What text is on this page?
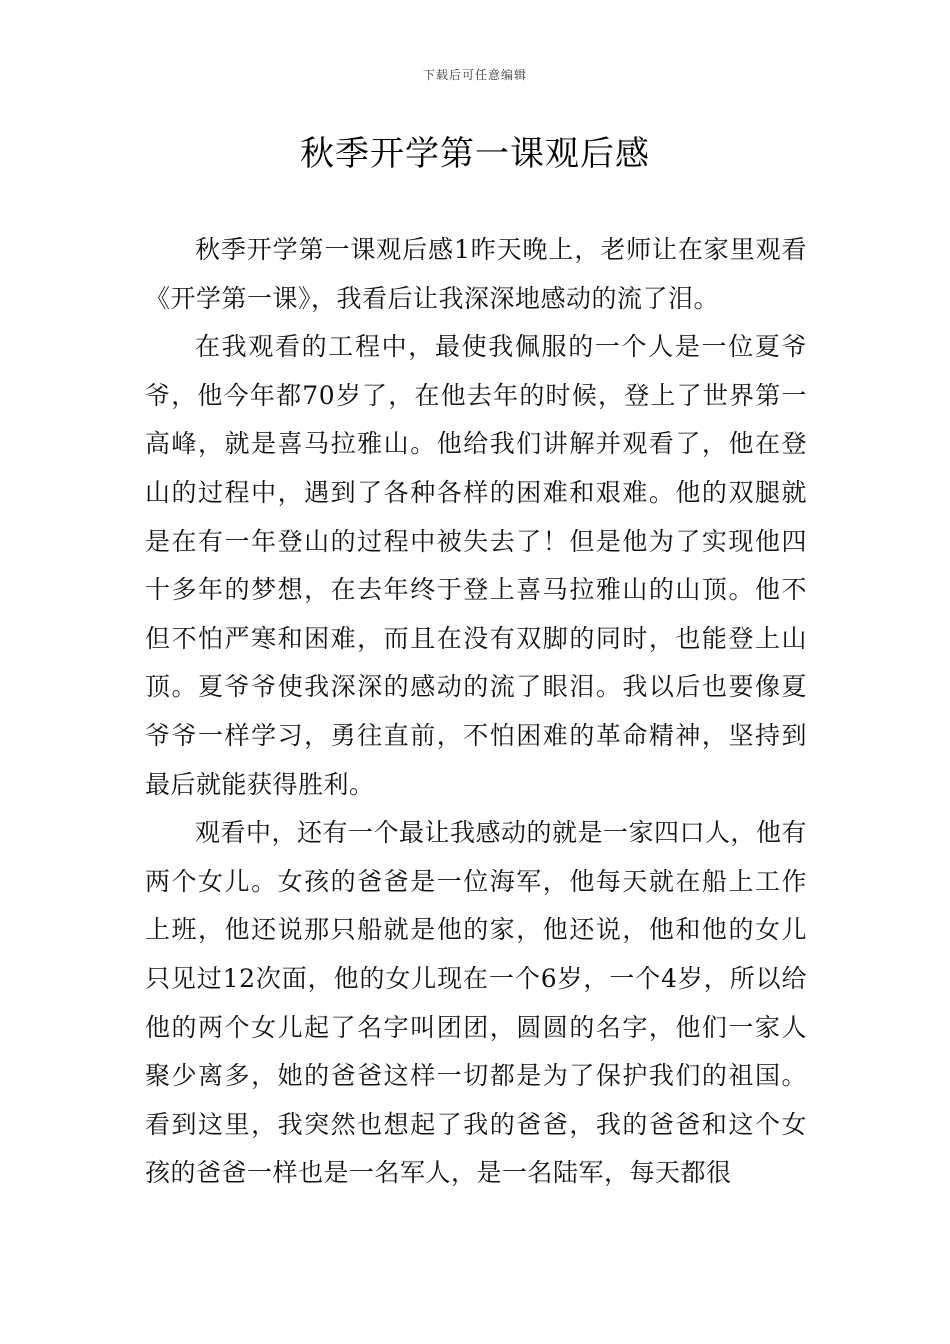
下载后可任意编辑
秋季开学第一课观后感

秋季开学第一课观后感1昨天晚上，老师让在家里观看《开学第一课》，我看后让我深深地感动的流了泪。

在我观看的工程中，最使我佩服的一个人是一位夏爷爷，他今年都70岁了，在他去年的时候，登上了世界第一高峰，就是喜马拉雅山。他给我们讲解并观看了，他在登山的过程中，遇到了各种各样的困难和艰难。他的双腿就是在有一年登山的过程中被失去了！但是他为了实现他四十多年的梦想，在去年终于登上喜马拉雅山的山顶。他不但不怕严寒和困难，而且在没有双脚的同时，也能登上山顶。夏爷爷使我深深的感动的流了眼泪。我以后也要像夏爷爷一样学习，勇往直前，不怕困难的革命精神，坚持到最后就能获得胜利。

观看中，还有一个最让我感动的就是一家四口人，他有两个女儿。女孩的爸爸是一位海军，他每天就在船上工作上班，他还说那只船就是他的家，他还说，他和他的女儿只见过12次面，他的女儿现在一个6岁，一个4岁，所以给他的两个女儿起了名字叫团团，圆圆的名字，他们一家人聚少离多，她的爸爸这样一切都是为了保护我们的祖国。看到这里，我突然也想起了我的爸爸，我的爸爸和这个女孩的爸爸一样也是一名军人，是一名陆军，每天都很
